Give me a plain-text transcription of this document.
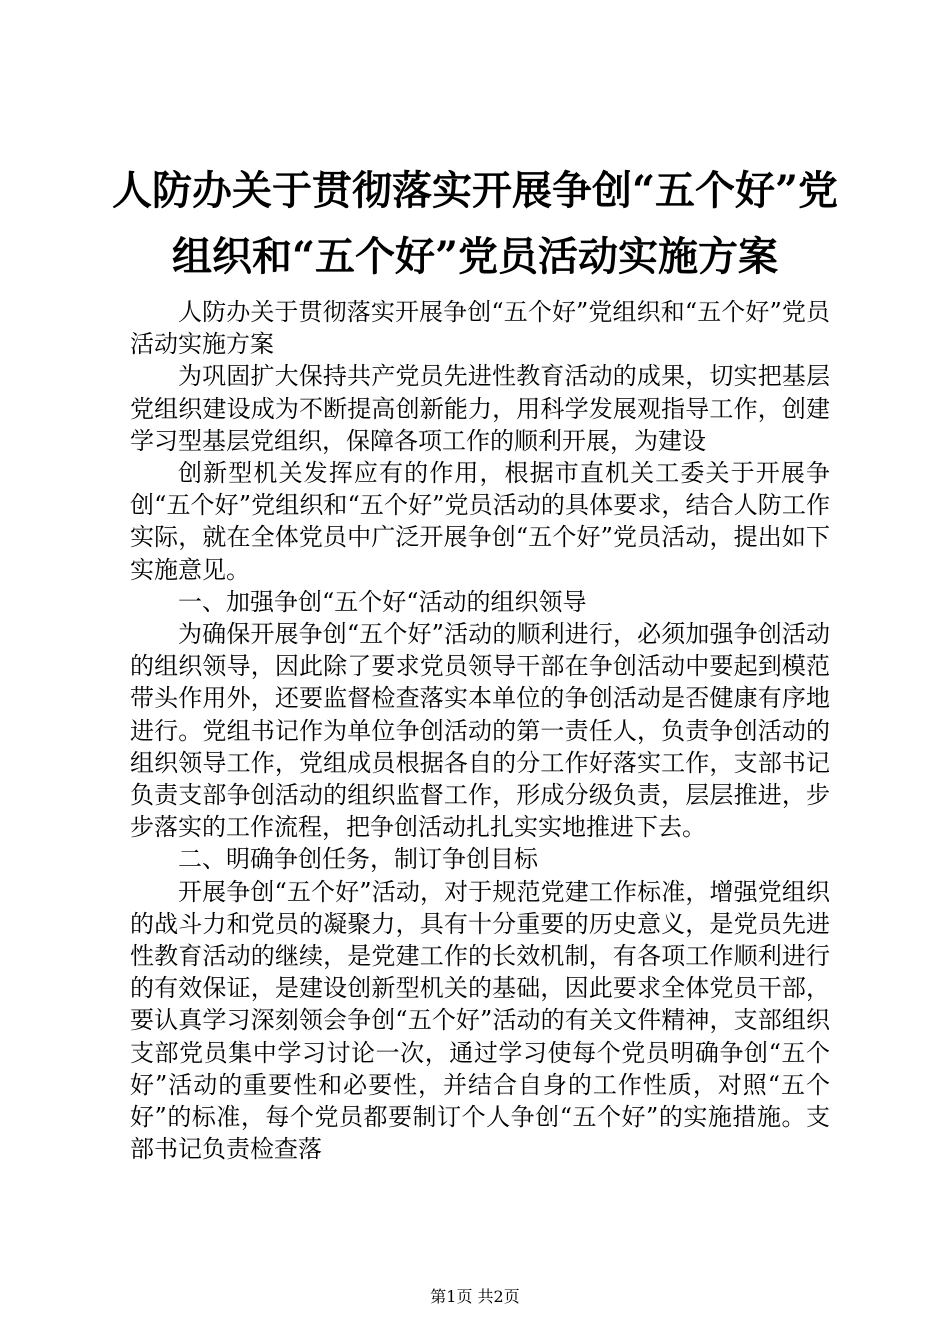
人防办关于贯彻落实开展争创“五个好”党组织和“五个好”党员活动实施方案

人防办关于贯彻落实开展争创“五个好”党组织和“五个好”党员活动实施方案

为巩固扩大保持共产党员先进性教育活动的成果，切实把基层党组织建设成为不断提高创新能力，用科学发展观指导工作，创建学习型基层党组织，保障各项工作的顺利开展，为建设

创新型机关发挥应有的作用，根据市直机关工委关于开展争创“五个好”党组织和“五个好”党员活动的具体要求，结合人防工作实际，就在全体党员中广泛开展争创“五个好”党员活动，提出如下实施意见。

一、加强争创“五个好“活动的组织领导

为确保开展争创“五个好”活动的顺利进行，必须加强争创活动的组织领导，因此除了要求党员领导干部在争创活动中要起到模范带头作用外，还要监督检查落实本单位的争创活动是否健康有序地进行。党组书记作为单位争创活动的第一责任人，负责争创活动的组织领导工作，党组成员根据各自的分工作好落实工作，支部书记负责支部争创活动的组织监督工作，形成分级负责，层层推进，步步落实的工作流程，把争创活动扎扎实实地推进下去。

二、明确争创任务，制订争创目标

开展争创“五个好”活动，对于规范党建工作标准，增强党组织的战斗力和党员的凝聚力，具有十分重要的历史意义，是党员先进性教育活动的继续，是党建工作的长效机制，有各项工作顺利进行的有效保证，是建设创新型机关的基础，因此要求全体党员干部，要认真学习深刻领会争创“五个好”活动的有关文件精神，支部组织支部党员集中学习讨论一次，通过学习使每个党员明确争创“五个好”活动的重要性和必要性，并结合自身的工作性质，对照“五个好”的标准，每个党员都要制订个人争创“五个好”的实施措施。支部书记负责检查落

第1页 共2页
